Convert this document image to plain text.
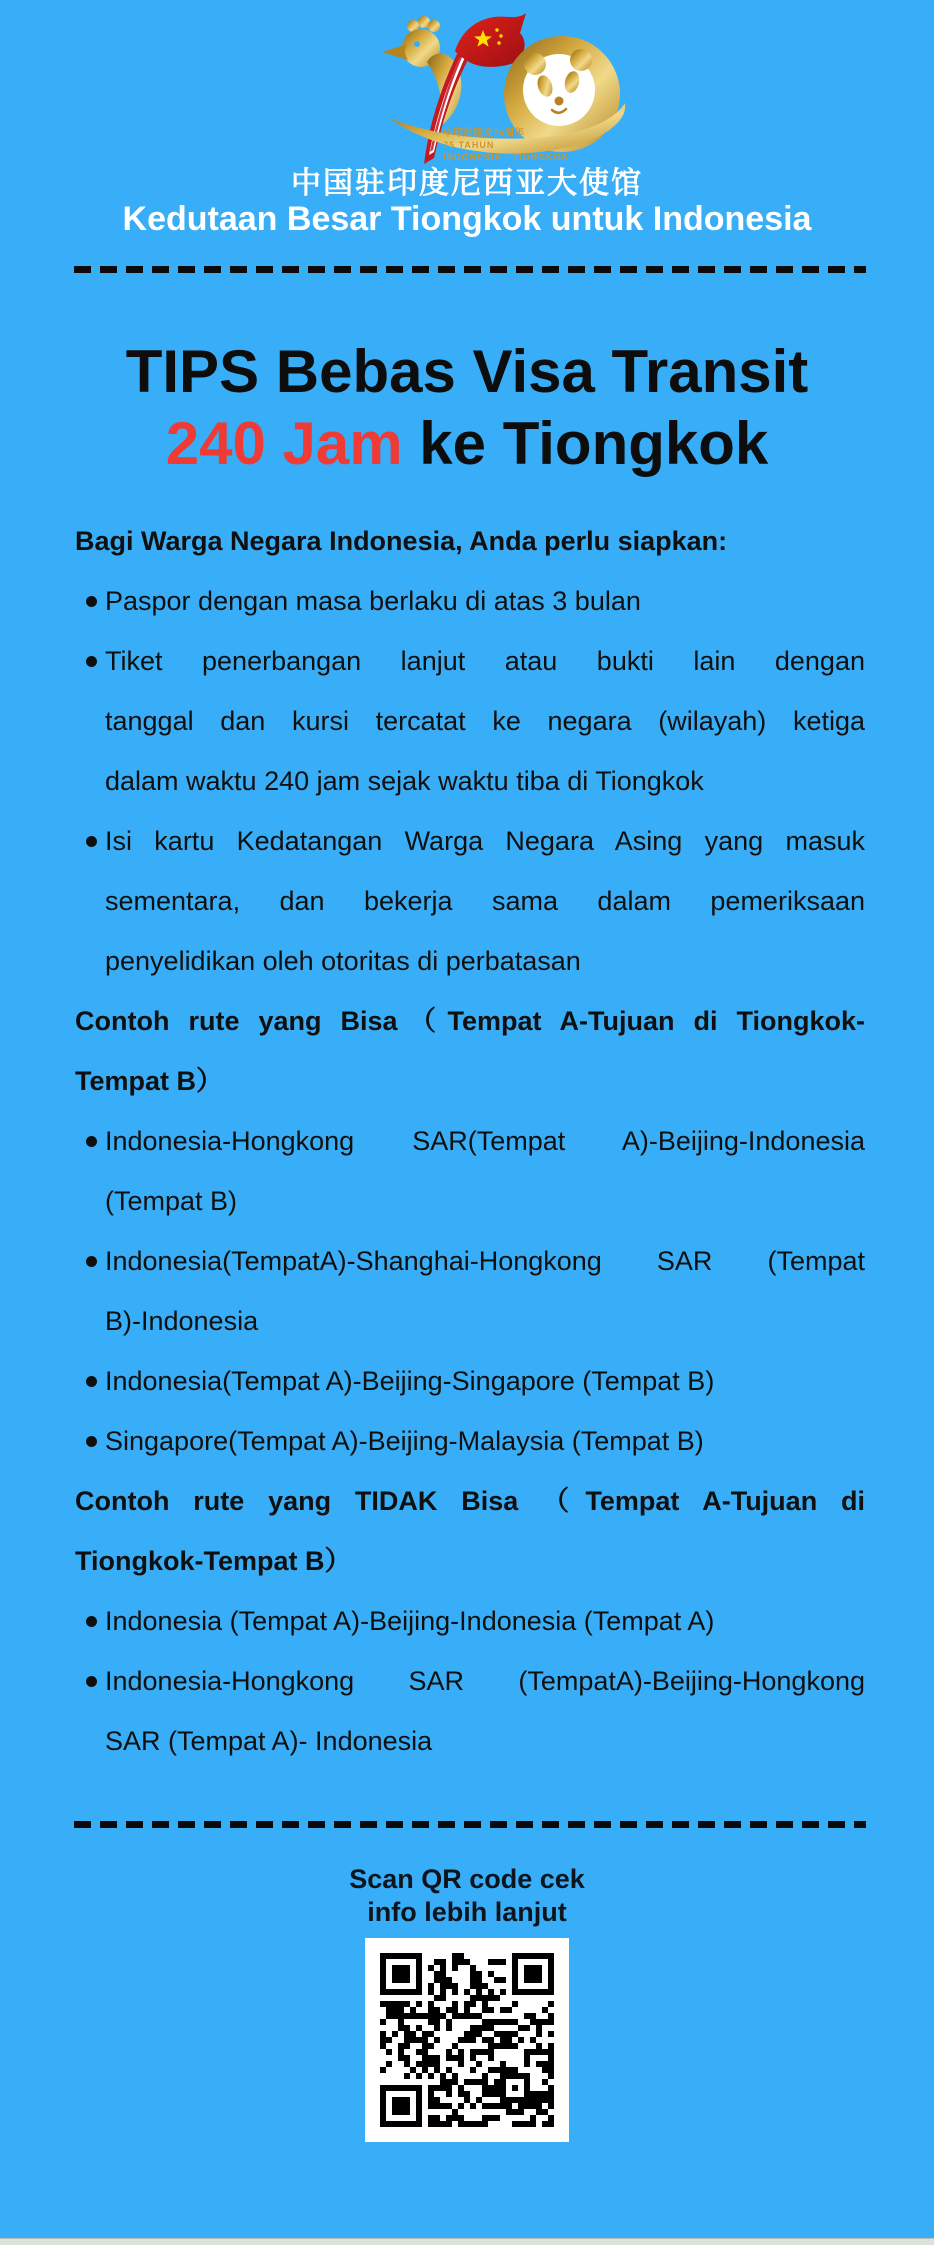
中印尼建交75周年
75 TAHUN
INDONESIA - TIONGKOK
中国驻印度尼西亚大使馆
Kedutaan Besar Tiongkok untuk Indonesia
TIPS Bebas Visa Transit
240 Jam ke Tiongkok
Bagi Warga Negara Indonesia, Anda perlu siapkan:
Paspor dengan masa berlaku di atas 3 bulan
Tiket penerbangan lanjut atau bukti lain dengan
tanggal dan kursi tercatat ke negara (wilayah) ketiga
dalam waktu 240 jam sejak waktu tiba di Tiongkok
Isi kartu Kedatangan Warga Negara Asing yang masuk
sementara, dan bekerja sama dalam pemeriksaan
penyelidikan oleh otoritas di perbatasan
Contoh rute yang Bisa（Tempat A-Tujuan di Tiongkok-
Tempat B）
Indonesia-Hongkong SAR(Tempat A)-Beijing-Indonesia
(Tempat B)
Indonesia(TempatA)-Shanghai-Hongkong SAR (Tempat
B)-Indonesia
Indonesia(Tempat A)-Beijing-Singapore (Tempat B)
Singapore(Tempat A)-Beijing-Malaysia (Tempat B)
Contoh rute yang TIDAK Bisa （Tempat A-Tujuan di
Tiongkok-Tempat B）
Indonesia (Tempat A)-Beijing-Indonesia (Tempat A)
Indonesia-Hongkong SAR (TempatA)-Beijing-Hongkong
SAR (Tempat A)- Indonesia
Scan QR code cek
info lebih lanjut
